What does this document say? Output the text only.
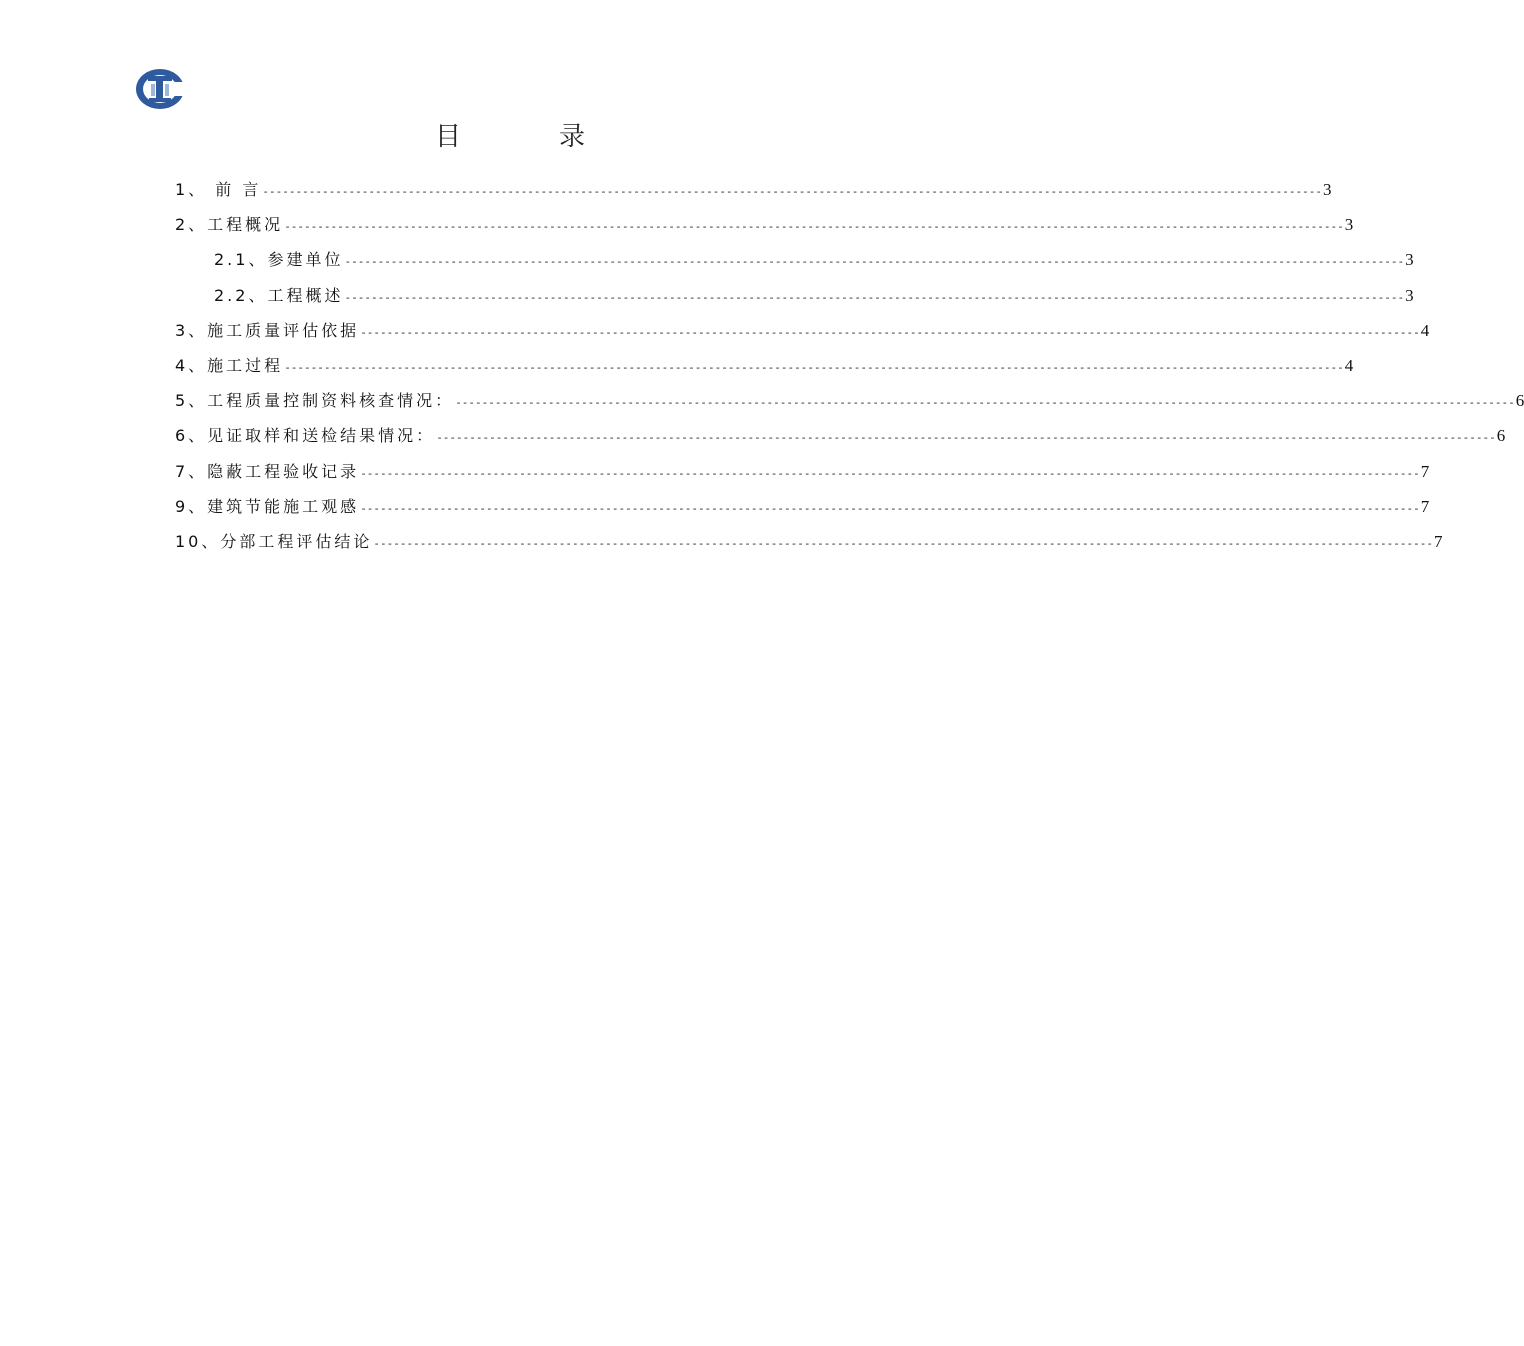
目　录
1、 前 言 ---------------------------------------------------------------------------------------------------------------------------------------------------------------- 3
2、工程概况 ---------------------------------------------------------------------------------------------------------------------------------------------------------------- 3
2.1、参建单位 ---------------------------------------------------------------------------------------------------------------------------------------------------------------- 3
2.2、工程概述 ---------------------------------------------------------------------------------------------------------------------------------------------------------------- 3
3、施工质量评估依据 ---------------------------------------------------------------------------------------------------------------------------------------------------------------- 4
4、施工过程 ---------------------------------------------------------------------------------------------------------------------------------------------------------------- 4
5、工程质量控制资料核查情况： ---------------------------------------------------------------------------------------------------------------------------------------------------------------- 6
6、见证取样和送检结果情况： ---------------------------------------------------------------------------------------------------------------------------------------------------------------- 6
7、隐蔽工程验收记录 ---------------------------------------------------------------------------------------------------------------------------------------------------------------- 7
9、建筑节能施工观感 ---------------------------------------------------------------------------------------------------------------------------------------------------------------- 7
10、分部工程评估结论 ---------------------------------------------------------------------------------------------------------------------------------------------------------------- 7
